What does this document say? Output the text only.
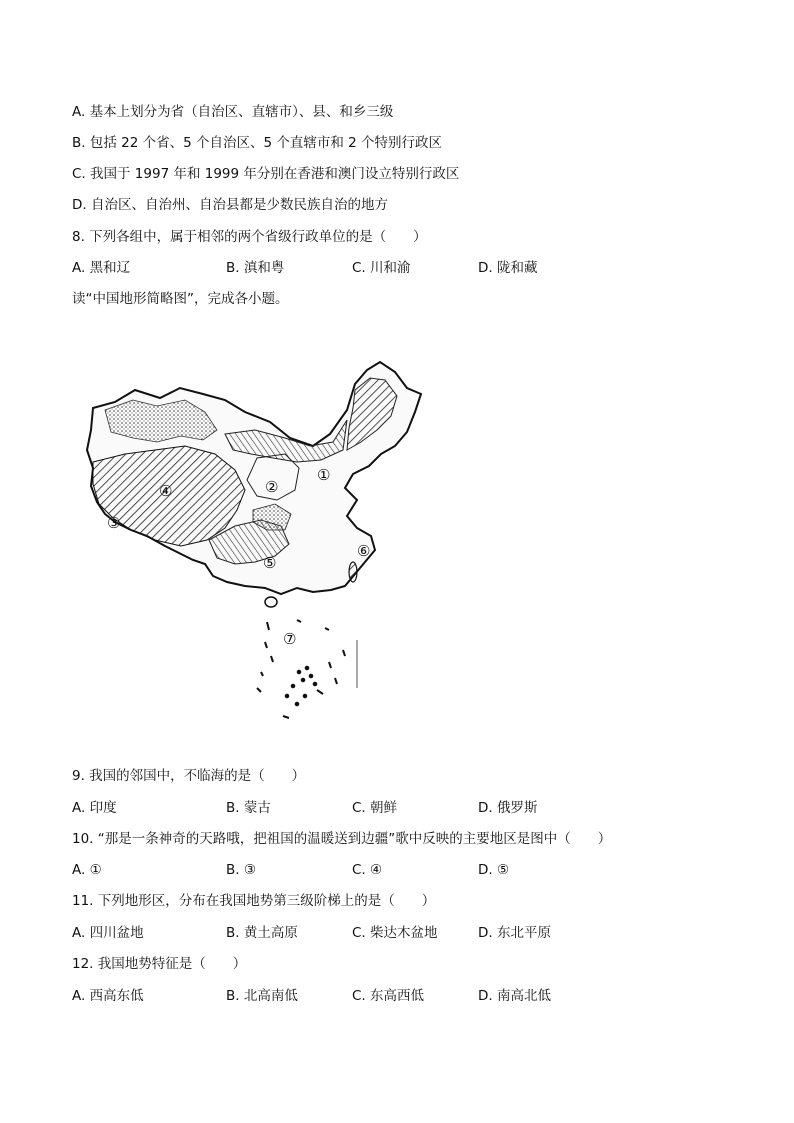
A. 基本上划分为省（自治区、直辖市）、县、和乡三级
B. 包括 22 个省、5 个自治区、5 个直辖市和 2 个特别行政区
C. 我国于 1997 年和 1999 年分别在香港和澳门设立特别行政区
D. 自治区、自治州、自治县都是少数民族自治的地方
8. 下列各组中，属于相邻的两个省级行政单位的是（　　）
A. 黑和辽	B. 滇和粤	C. 川和渝	D. 陇和藏
读“中国地形简略图”，完成各小题。
①
②
③
④
⑤
⑥
⑦
9. 我国的邻国中，不临海的是（　　）
A. 印度	B. 蒙古	C. 朝鲜	D. 俄罗斯
10. “那是一条神奇的天路哦，把祖国的温暖送到边疆”歌中反映的主要地区是图中（　　）
A. ①	B. ③	C. ④	D. ⑤
11. 下列地形区，分布在我国地势第三级阶梯上的是（　　）
A. 四川盆地	B. 黄土高原	C. 柴达木盆地	D. 东北平原
12. 我国地势特征是（　　）
A. 西高东低	B. 北高南低	C. 东高西低	D. 南高北低
